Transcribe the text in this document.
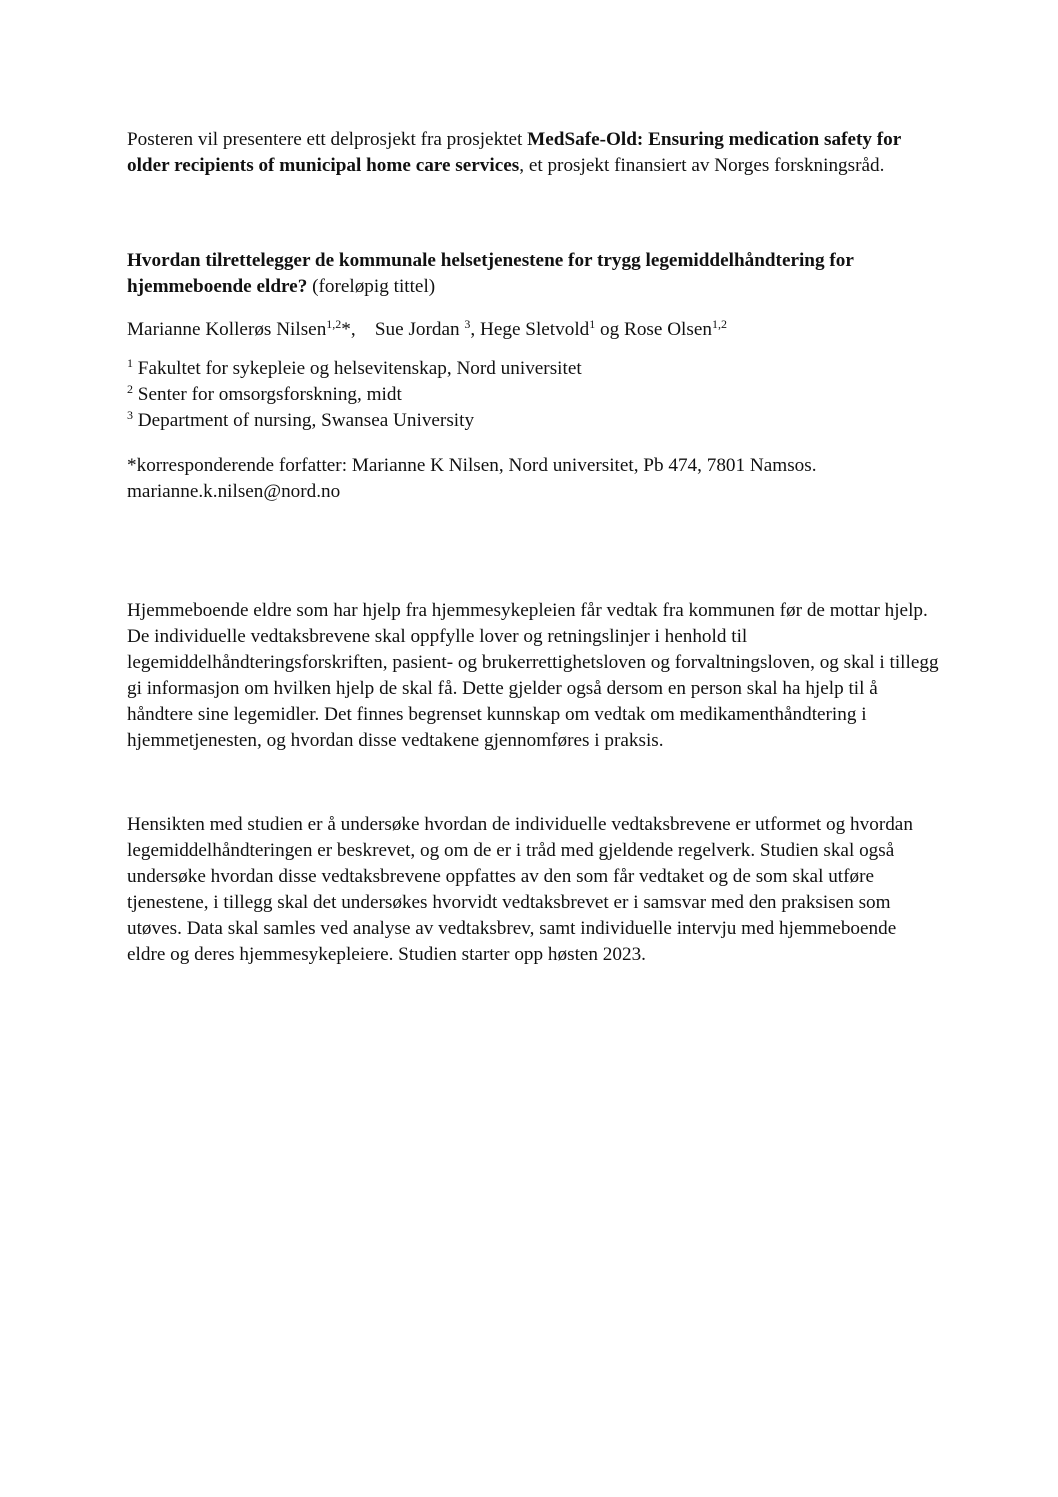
Posteren vil presentere ett delprosjekt fra prosjektet MedSafe-Old: Ensuring medication safety for older recipients of municipal home care services, et prosjekt finansiert av Norges forskningsråd.

Hvordan tilrettelegger de kommunale helsetjenestene for trygg legemiddelhåndtering for hjemmeboende eldre? (foreløpig tittel)

Marianne Kollerøs Nilsen$^{1,2}$*,    Sue Jordan $^3$, Hege Sletvold$^1$ og Rose Olsen$^{1,2}$
$^1$ Fakultet for sykepleie og helsevitenskap, Nord universitet
$^2$ Senter for omsorgsforskning, midt
$^3$ Department of nursing, Swansea University

*korresponderende forfatter: Marianne K Nilsen, Nord universitet, Pb 474, 7801 Namsos.

marianne.k.nilsen@nord.no

Hjemmeboende eldre som har hjelp fra hjemmesykepleien får vedtak fra kommunen før de mottar hjelp. De individuelle vedtaksbrevene skal oppfylle lover og retningslinjer i henhold til legemiddelhåndteringsforskriften, pasient- og brukerrettighetsloven og forvaltningsloven, og skal i tillegg gi informasjon om hvilken hjelp de skal få. Dette gjelder også dersom en person skal ha hjelp til å håndtere sine legemidler. Det finnes begrenset kunnskap om vedtak om medikamenthåndtering i hjemmetjenesten, og hvordan disse vedtakene gjennomføres i praksis.

Hensikten med studien er å undersøke hvordan de individuelle vedtaksbrevene er utformet og hvordan legemiddelhåndteringen er beskrevet, og om de er i tråd med gjeldende regelverk. Studien skal også undersøke hvordan disse vedtaksbrevene oppfattes av den som får vedtaket og de som skal utføre tjenestene, i tillegg skal det undersøkes hvorvidt vedtaksbrevet er i samsvar med den praksisen som utøves. Data skal samles ved analyse av vedtaksbrev, samt individuelle intervju med hjemmeboende eldre og deres hjemmesykepleiere. Studien starter opp høsten 2023.
